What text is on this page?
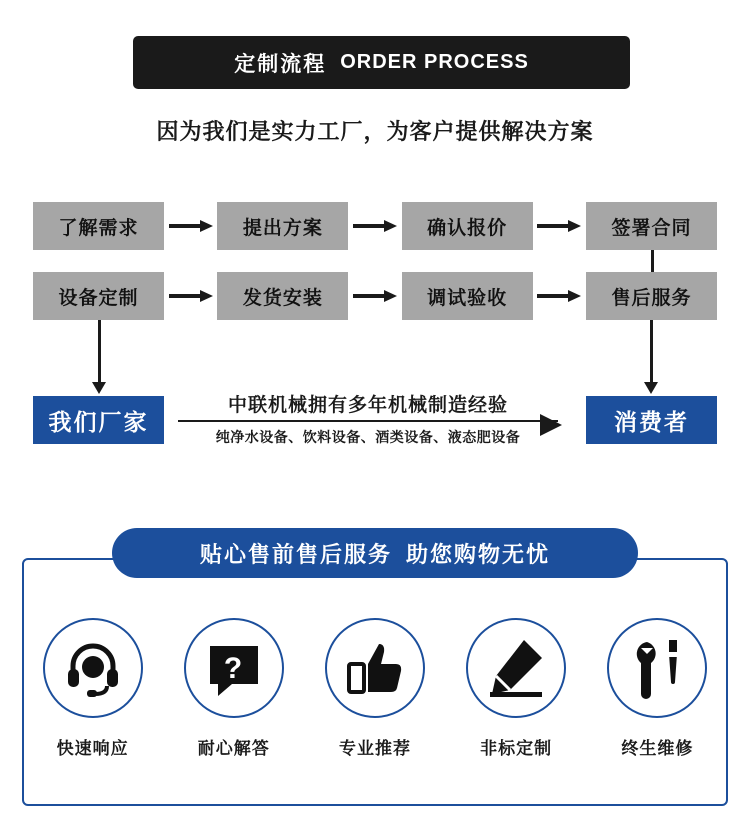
定制流程 ORDER PROCESS
因为我们是实力工厂，为客户提供解决方案
了解需求	提出方案	确认报价	签署合同
设备定制	发货安装	调试验收	售后服务
我们厂家	消费者
中联机械拥有多年机械制造经验
纯净水设备、饮料设备、酒类设备、液态肥设备
贴心售前售后服务 助您购物无忧
快速响应
?
耐心解答	专业推荐	非标定制	终生维修
